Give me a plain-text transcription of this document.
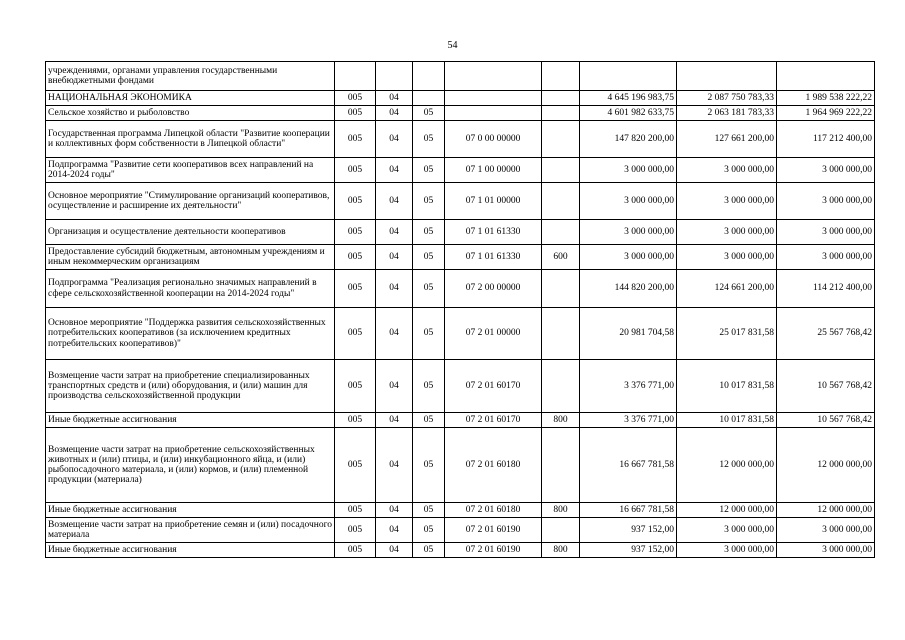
54
учреждениями, органами управления государственными внебюджетными фондами								
НАЦИОНАЛЬНАЯ ЭКОНОМИКА	005	04				4 645 196 983,75	2 087 750 783,33	1 989 538 222,22
Сельское хозяйство и рыболовство	005	04	05			4 601 982 633,75	2 063 181 783,33	1 964 969 222,22
Государственная программа Липецкой области "Развитие кооперации и коллективных форм собственности в Липецкой области"	005	04	05	07 0 00 00000		147 820 200,00	127 661 200,00	117 212 400,00
Подпрограмма "Развитие сети кооперативов всех направлений на 2014-2024 годы"	005	04	05	07 1 00 00000		3 000 000,00	3 000 000,00	3 000 000,00
Основное мероприятие "Стимулирование организаций кооперативов, осуществление и расширение их деятельности"	005	04	05	07 1 01 00000		3 000 000,00	3 000 000,00	3 000 000,00
Организация и осуществление деятельности кооперативов	005	04	05	07 1 01 61330		3 000 000,00	3 000 000,00	3 000 000,00
Предоставление субсидий бюджетным, автономным учреждениям и иным некоммерческим организациям	005	04	05	07 1 01 61330	600	3 000 000,00	3 000 000,00	3 000 000,00
Подпрограмма "Реализация регионально значимых направлений в сфере сельскохозяйственной кооперации на 2014-2024 годы"	005	04	05	07 2 00 00000		144 820 200,00	124 661 200,00	114 212 400,00
Основное мероприятие "Поддержка развития сельскохозяйственных потребительских кооперативов (за исключением кредитных потребительских кооперативов)"	005	04	05	07 2 01 00000		20 981 704,58	25 017 831,58	25 567 768,42
Возмещение части затрат на приобретение специализированных транспортных средств и (или) оборудования, и (или) машин для производства сельскохозяйственной продукции	005	04	05	07 2 01 60170		3 376 771,00	10 017 831,58	10 567 768,42
Иные бюджетные ассигнования	005	04	05	07 2 01 60170	800	3 376 771,00	10 017 831,58	10 567 768,42
Возмещение части затрат на приобретение сельскохозяйственных животных и (или) птицы, и (или) инкубационного яйца, и (или) рыбопосадочного материала, и (или) кормов, и (или) племенной продукции (материала)	005	04	05	07 2 01 60180		16 667 781,58	12 000 000,00	12 000 000,00
Иные бюджетные ассигнования	005	04	05	07 2 01 60180	800	16 667 781,58	12 000 000,00	12 000 000,00
Возмещение части затрат на приобретение семян и (или) посадочного материала	005	04	05	07 2 01 60190		937 152,00	3 000 000,00	3 000 000,00
Иные бюджетные ассигнования	005	04	05	07 2 01 60190	800	937 152,00	3 000 000,00	3 000 000,00
